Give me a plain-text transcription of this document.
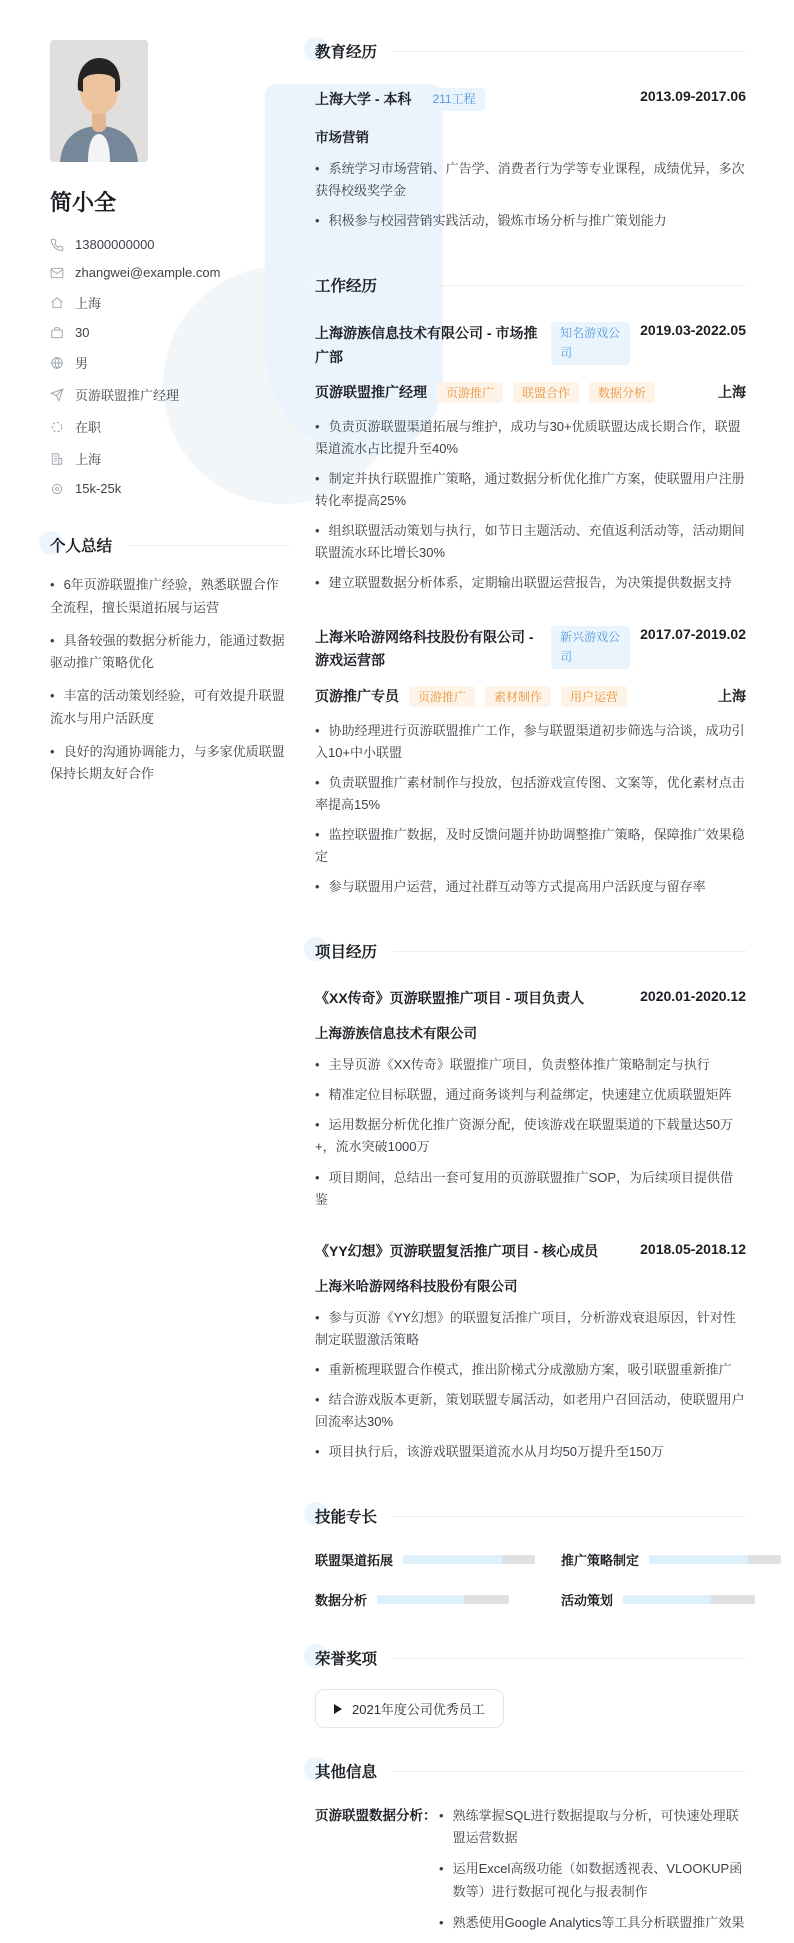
简小全
13800000000
zhangwei@example.com
上海
30
男
页游联盟推广经理
在职
上海
15k-25k
个人总结

• 6年页游联盟推广经验，熟悉联盟合作全流程，擅长渠道拓展与运营

• 具备较强的数据分析能力，能通过数据驱动推广策略优化

• 丰富的活动策划经验，可有效提升联盟流水与用户活跃度

• 良好的沟通协调能力，与多家优质联盟保持长期友好合作

教育经历
上海大学 - 本科	211工程	2013.09-2017.06
市场营销

• 系统学习市场营销、广告学、消费者行为学等专业课程，成绩优异，多次获得校级奖学金

• 积极参与校园营销实践活动，锻炼市场分析与推广策划能力

工作经历
上海游族信息技术有限公司 - 市场推广部
知名游戏公司
2019.03-2022.05
页游联盟推广经理	页游推广	联盟合作	数据分析	上海

• 负责页游联盟渠道拓展与维护，成功与30+优质联盟达成长期合作，联盟渠道流水占比提升至40%

• 制定并执行联盟推广策略，通过数据分析优化推广方案，使联盟用户注册转化率提高25%

• 组织联盟活动策划与执行，如节日主题活动、充值返利活动等，活动期间联盟流水环比增长30%

• 建立联盟数据分析体系，定期输出联盟运营报告，为决策提供数据支持

上海米哈游网络科技股份有限公司 - 游戏运营部
新兴游戏公司
2017.07-2019.02
页游推广专员	页游推广	素材制作	用户运营	上海

• 协助经理进行页游联盟推广工作，参与联盟渠道初步筛选与洽谈，成功引入10+中小联盟

• 负责联盟推广素材制作与投放，包括游戏宣传图、文案等，优化素材点击率提高15%

• 监控联盟推广数据，及时反馈问题并协助调整推广策略，保障推广效果稳定

• 参与联盟用户运营，通过社群互动等方式提高用户活跃度与留存率

项目经历
《XX传奇》页游联盟推广项目 - 项目负责人	2020.01-2020.12
上海游族信息技术有限公司

• 主导页游《XX传奇》联盟推广项目，负责整体推广策略制定与执行

• 精准定位目标联盟，通过商务谈判与利益绑定，快速建立优质联盟矩阵

• 运用数据分析优化推广资源分配，使该游戏在联盟渠道的下载量达50万+，流水突破1000万

• 项目期间，总结出一套可复用的页游联盟推广SOP，为后续项目提供借鉴

《YY幻想》页游联盟复活推广项目 - 核心成员	2018.05-2018.12
上海米哈游网络科技股份有限公司

• 参与页游《YY幻想》的联盟复活推广项目，分析游戏衰退原因，针对性制定联盟激活策略

• 重新梳理联盟合作模式，推出阶梯式分成激励方案，吸引联盟重新推广

• 结合游戏版本更新，策划联盟专属活动，如老用户召回活动，使联盟用户回流率达30%

• 项目执行后，该游戏联盟渠道流水从月均50万提升至150万

技能专长
联盟渠道拓展	推广策略制定
数据分析	活动策划
荣誉奖项
2021年度公司优秀员工
其他信息
页游联盟数据分析： • 熟练掌握SQL进行数据提取与分析，可快速处理联盟运营数据
•
运用Excel高级功能（如数据透视表、VLOOKUP函数等）进行数据可视化与报表制作
•
熟悉使用Google Analytics等工具分析联盟推广效果
